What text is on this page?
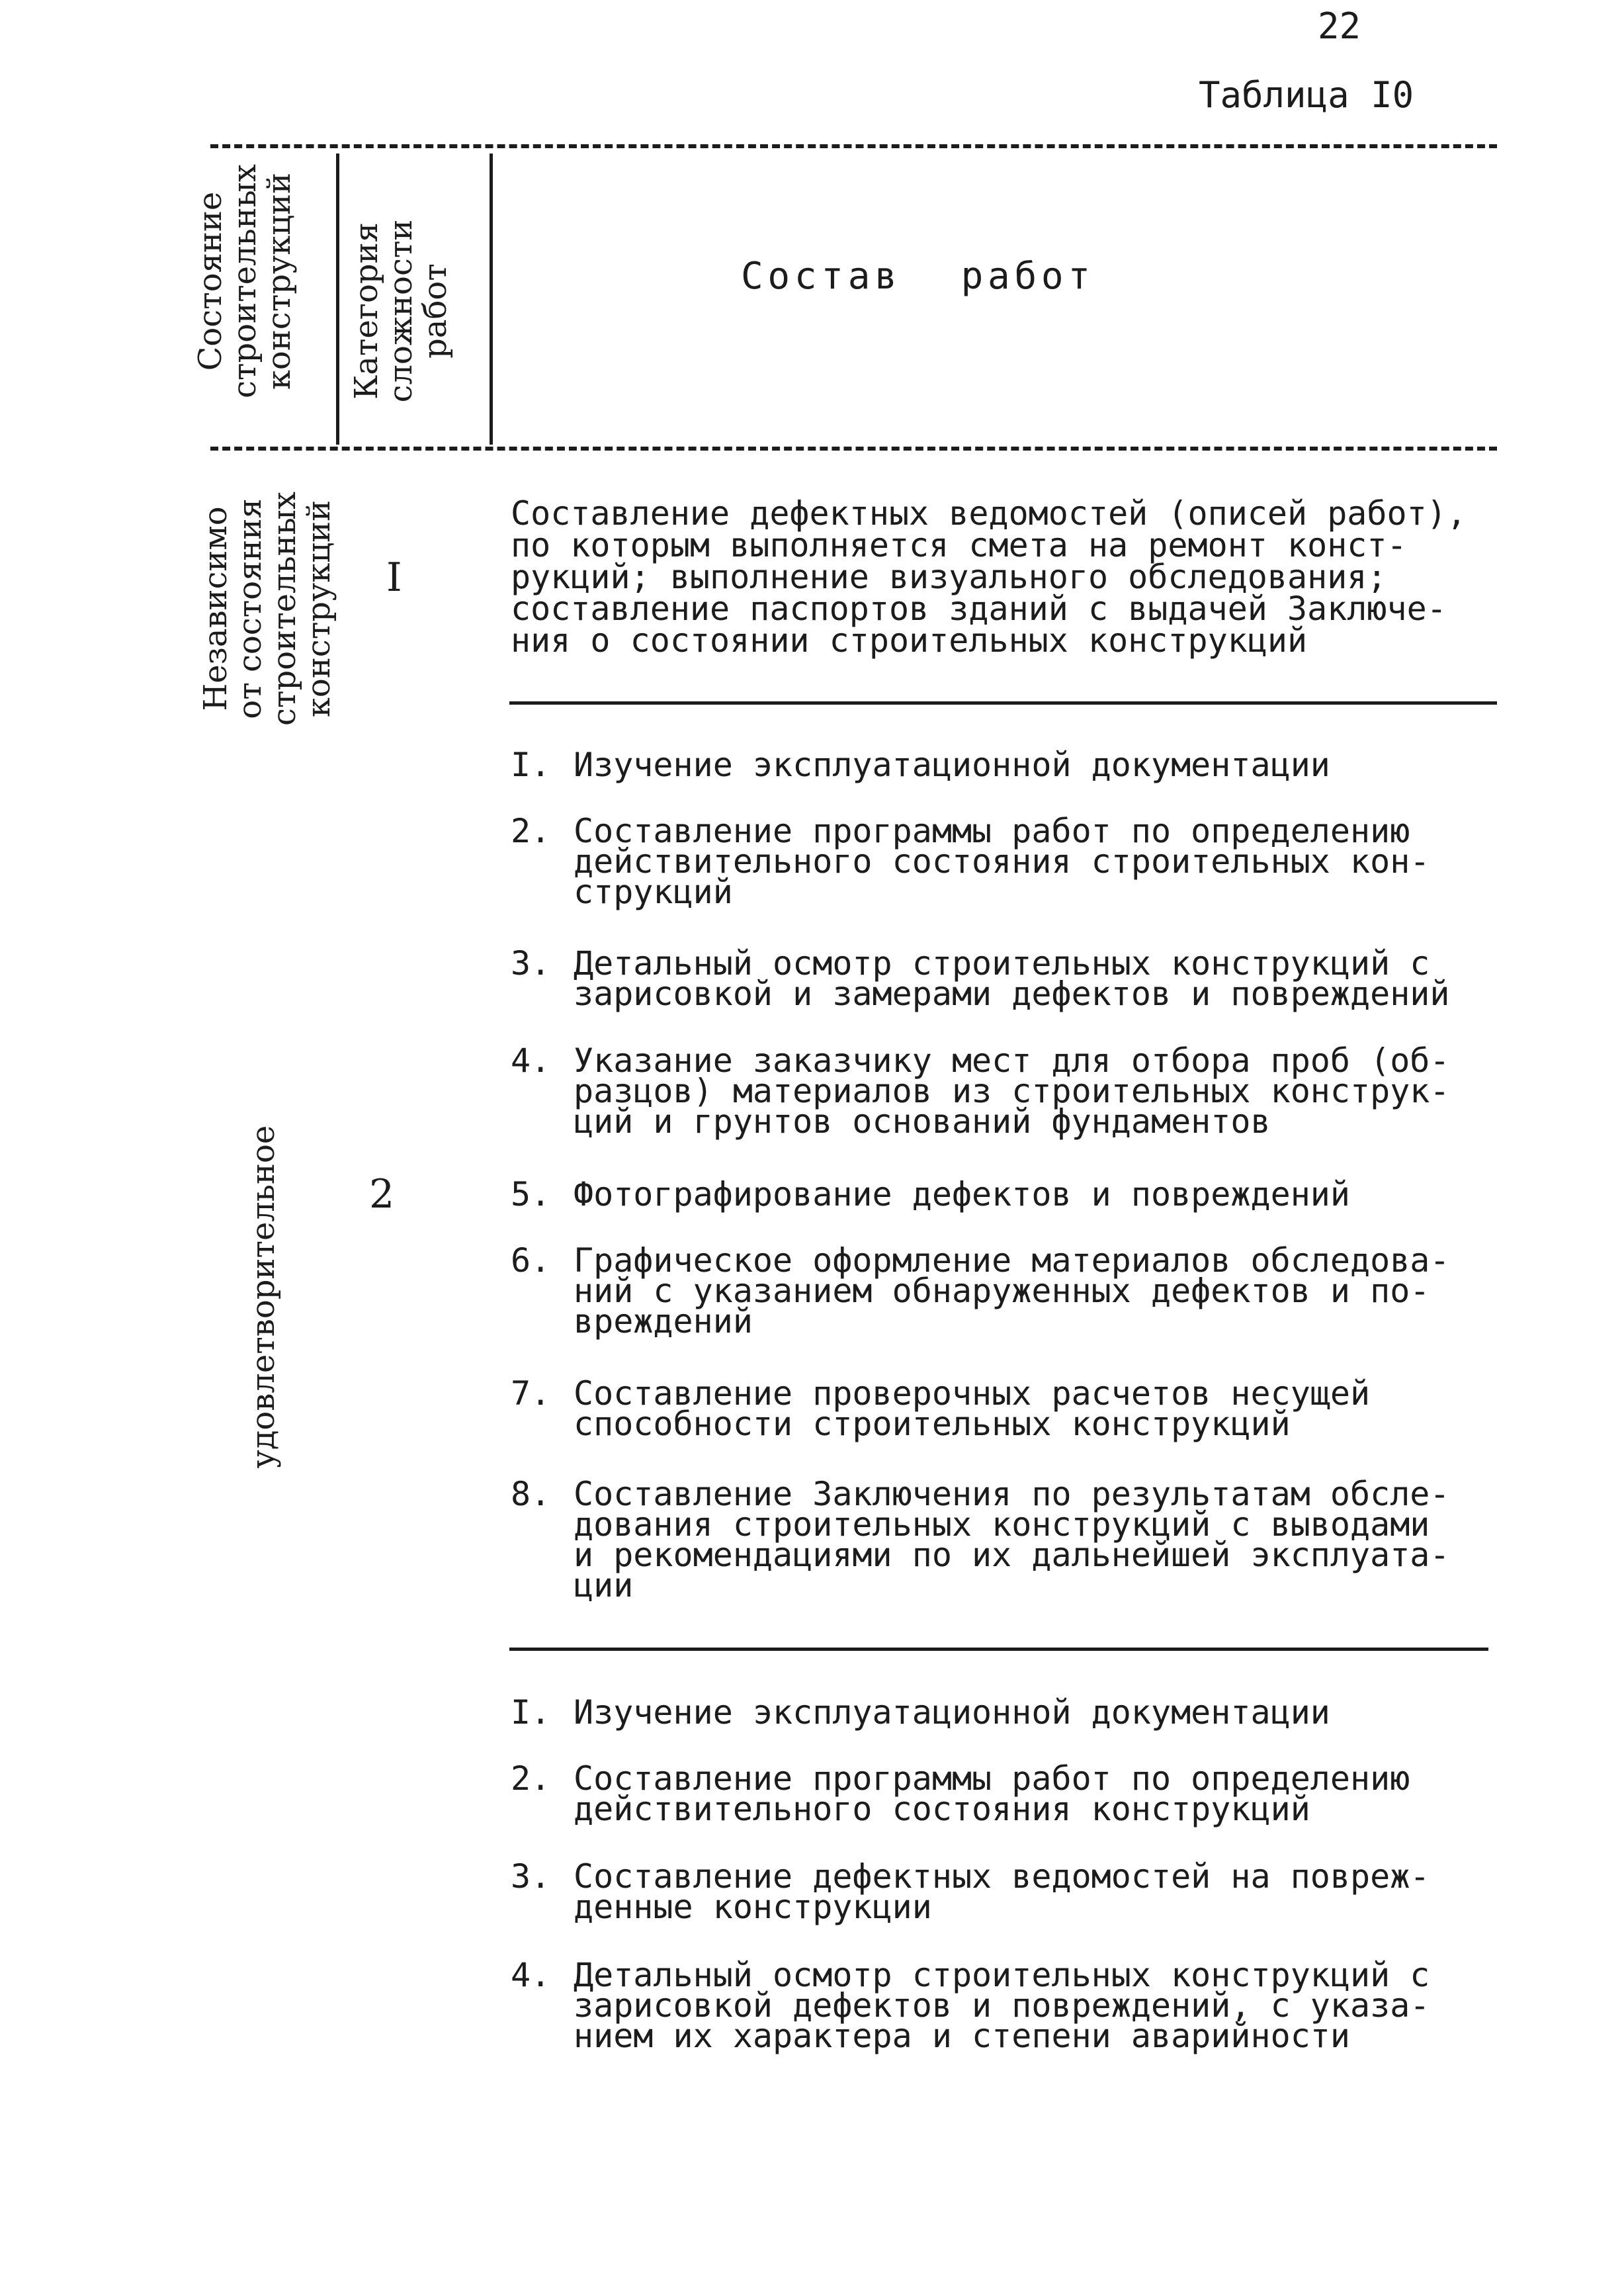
22
Таблица I0
Состояние
строительных
конструкций Категория
сложности
работ	Состав работ
Независимо
от состояния
строительных
конструкций I
Составление дефектных ведомостей (описей работ),
по которым выполняется смета на ремонт конст-
рукций; выполнение визуального обследования;
составление паспортов зданий с выдачей Заключе-
ния о состоянии строительных конструкций
удовлетворительное 2
I. Изучение эксплуатационной документации
2. Составление программы работ по определению
действительного состояния строительных кон-
струкций
3. Детальный осмотр строительных конструкций с
зарисовкой и замерами дефектов и повреждений
4. Указание заказчику мест для отбора проб (об-
разцов) материалов из строительных конструк-
ций и грунтов оснований фундаментов
5. Фотографирование дефектов и повреждений
6. Графическое оформление материалов обследова-
ний с указанием обнаруженных дефектов и по-
вреждений
7. Составление проверочных расчетов несущей
способности строительных конструкций
8. Составление Заключения по результатам обсле-
дования строительных конструкций с выводами
и рекомендациями по их дальнейшей эксплуата-
ции
I. Изучение эксплуатационной документации
2. Составление программы работ по определению
действительного состояния конструкций
3. Составление дефектных ведомостей на повреж-
денные конструкции
4. Детальный осмотр строительных конструкций с
зарисовкой дефектов и повреждений, с указа-
нием их характера и степени аварийности
